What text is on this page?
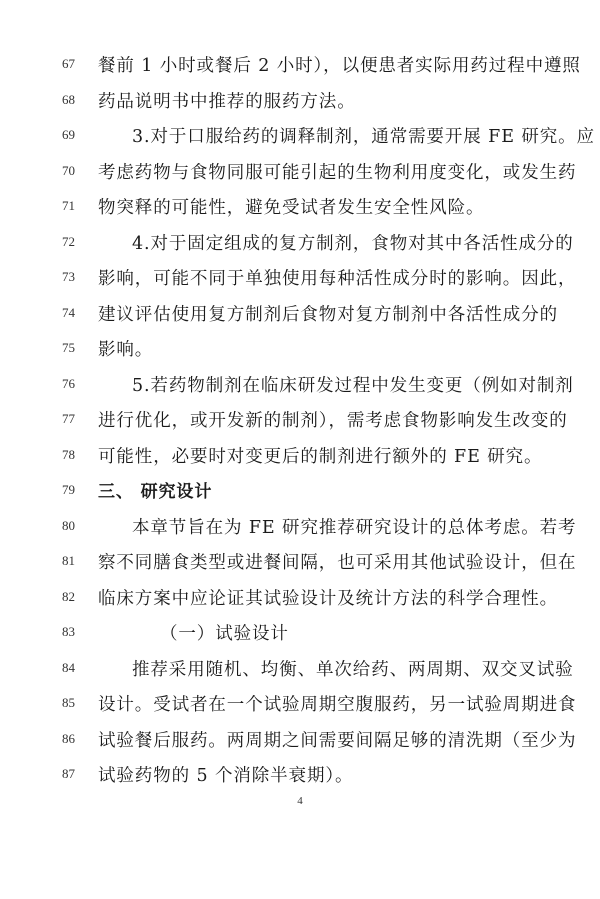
67	餐前 1 小时或餐后 2 小时），以便患者实际用药过程中遵照
68	药品说明书中推荐的服药方法。
69	3.对于口服给药的调释制剂，通常需要开展 FE 研究。应
70	考虑药物与食物同服可能引起的生物利用度变化，或发生药
71	物突释的可能性，避免受试者发生安全性风险。
72	4.对于固定组成的复方制剂，食物对其中各活性成分的
73	影响，可能不同于单独使用每种活性成分时的影响。因此，
74	建议评估使用复方制剂后食物对复方制剂中各活性成分的
75	影响。
76	5.若药物制剂在临床研发过程中发生变更（例如对制剂
77	进行优化，或开发新的制剂），需考虑食物影响发生改变的
78	可能性，必要时对变更后的制剂进行额外的 FE 研究。
79	三、 研究设计
80	本章节旨在为 FE 研究推荐研究设计的总体考虑。若考
81	察不同膳食类型或进餐间隔，也可采用其他试验设计，但在
82	临床方案中应论证其试验设计及统计方法的科学合理性。
83	（一）试验设计
84	推荐采用随机、均衡、单次给药、两周期、双交叉试验
85	设计。受试者在一个试验周期空腹服药，另一试验周期进食
86	试验餐后服药。两周期之间需要间隔足够的清洗期（至少为
87	试验药物的 5 个消除半衰期）。
4
